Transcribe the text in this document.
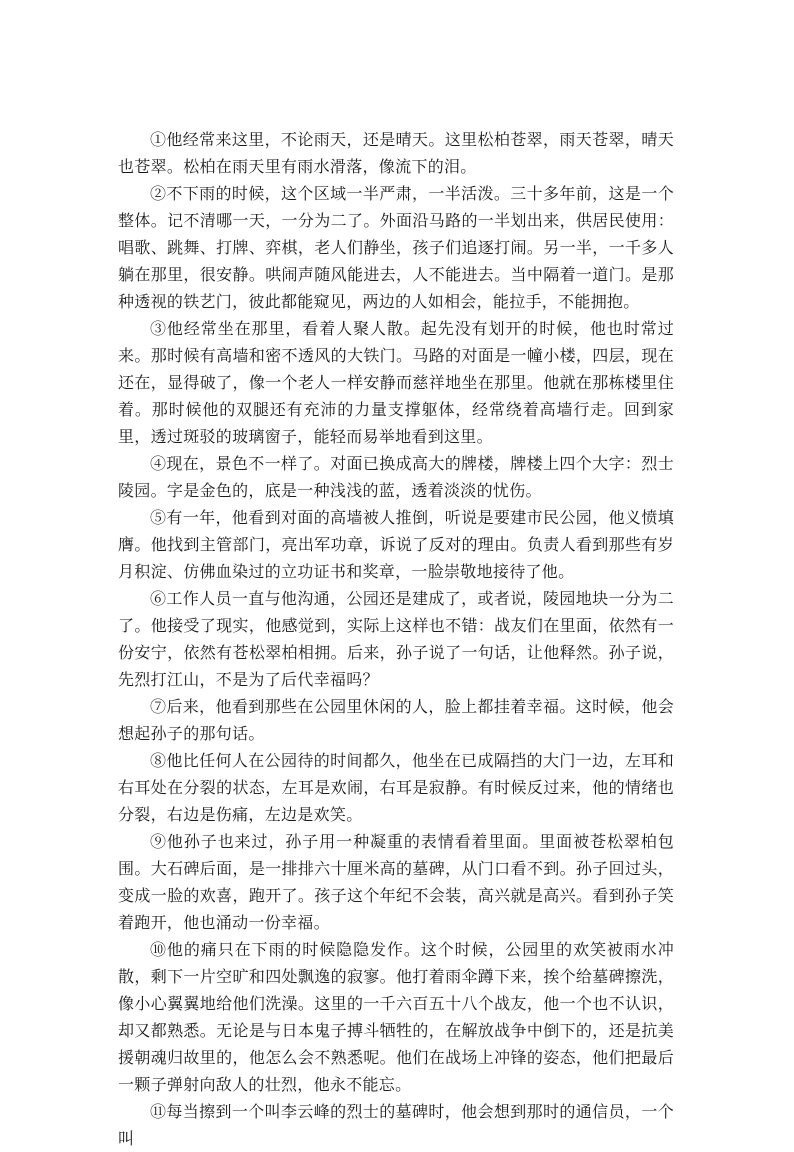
①他经常来这里，不论雨天，还是晴天。这里松柏苍翠，雨天苍翠，晴天也苍翠。松柏在雨天里有雨水滑落，像流下的泪。

②不下雨的时候，这个区域一半严肃，一半活泼。三十多年前，这是一个整体。记不清哪一天，一分为二了。外面沿马路的一半划出来，供居民使用：唱歌、跳舞、打牌、弈棋，老人们静坐，孩子们追逐打闹。另一半，一千多人躺在那里，很安静。哄闹声随风能进去，人不能进去。当中隔着一道门。是那种透视的铁艺门，彼此都能窥见，两边的人如相会，能拉手，不能拥抱。

③他经常坐在那里，看着人聚人散。起先没有划开的时候，他也时常过来。那时候有高墙和密不透风的大铁门。马路的对面是一幢小楼，四层，现在还在，显得破了，像一个老人一样安静而慈祥地坐在那里。他就在那栋楼里住着。那时候他的双腿还有充沛的力量支撑躯体，经常绕着高墙行走。回到家里，透过斑驳的玻璃窗子，能轻而易举地看到这里。

④现在，景色不一样了。对面已换成高大的牌楼，牌楼上四个大字：烈士陵园。字是金色的，底是一种浅浅的蓝，透着淡淡的忧伤。

⑤有一年，他看到对面的高墙被人推倒，听说是要建市民公园，他义愤填膺。他找到主管部门，亮出军功章，诉说了反对的理由。负责人看到那些有岁月积淀、仿佛血染过的立功证书和奖章，一脸崇敬地接待了他。

⑥工作人员一直与他沟通，公园还是建成了，或者说，陵园地块一分为二了。他接受了现实，他感觉到，实际上这样也不错：战友们在里面，依然有一份安宁，依然有苍松翠柏相拥。后来，孙子说了一句话，让他释然。孙子说，先烈打江山，不是为了后代幸福吗？

⑦后来，他看到那些在公园里休闲的人，脸上都挂着幸福。这时候，他会想起孙子的那句话。

⑧他比任何人在公园待的时间都久，他坐在已成隔挡的大门一边，左耳和右耳处在分裂的状态，左耳是欢闹，右耳是寂静。有时候反过来，他的情绪也分裂，右边是伤痛，左边是欢笑。

⑨他孙子也来过，孙子用一种凝重的表情看着里面。里面被苍松翠柏包围。大石碑后面，是一排排六十厘米高的墓碑，从门口看不到。孙子回过头，变成一脸的欢喜，跑开了。孩子这个年纪不会装，高兴就是高兴。看到孙子笑着跑开，他也涌动一份幸福。

⑩他的痛只在下雨的时候隐隐发作。这个时候，公园里的欢笑被雨水冲散，剩下一片空旷和四处飘逸的寂寥。他打着雨伞蹲下来，挨个给墓碑擦洗，像小心翼翼地给他们洗澡。这里的一千六百五十八个战友，他一个也不认识，却又都熟悉。无论是与日本鬼子搏斗牺牲的，在解放战争中倒下的，还是抗美援朝魂归故里的，他怎么会不熟悉呢。他们在战场上冲锋的姿态，他们把最后一颗子弹射向敌人的壮烈，他永不能忘。

⑪每当擦到一个叫李云峰的烈士的墓碑时，他会想到那时的通信员，一个叫
